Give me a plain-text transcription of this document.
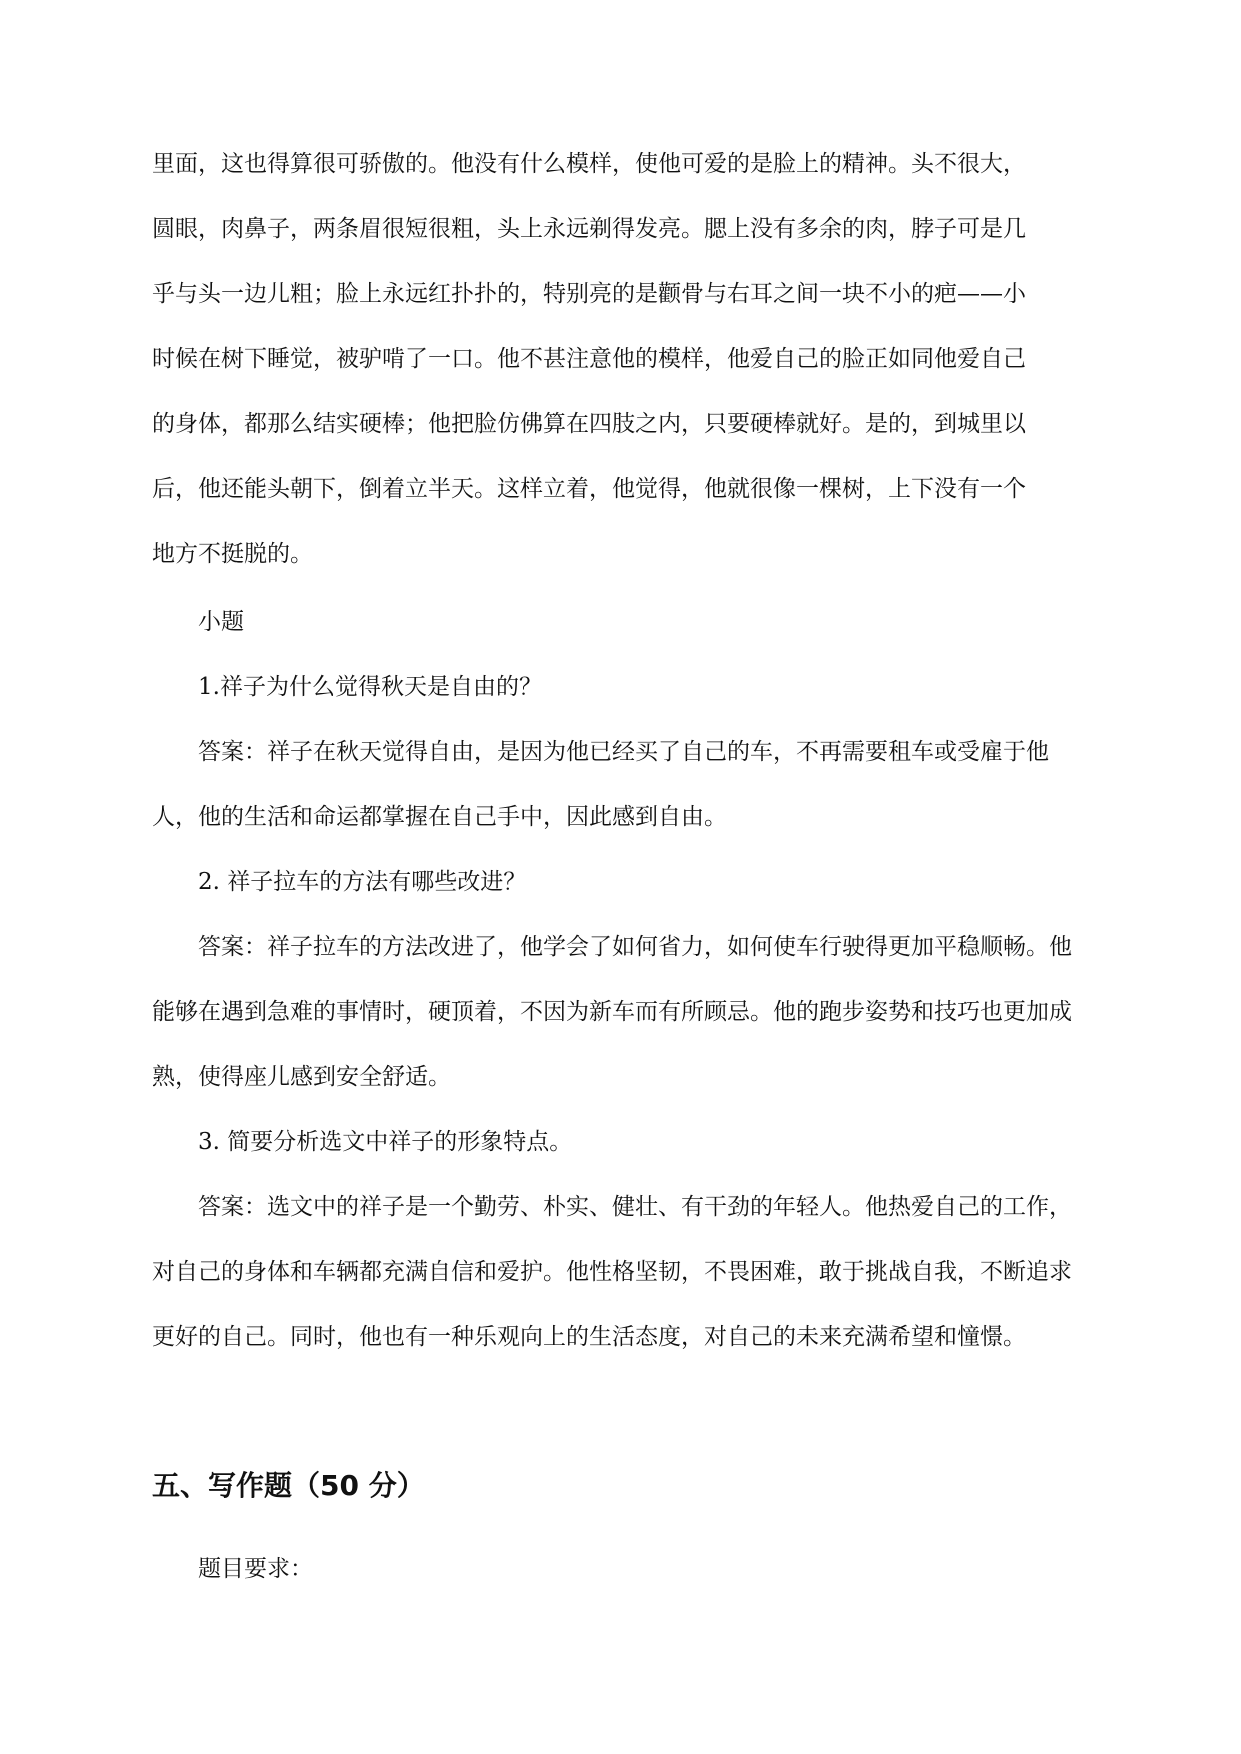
里面，这也得算很可骄傲的。他没有什么模样，使他可爱的是脸上的精神。头不很大，
圆眼，肉鼻子，两条眉很短很粗，头上永远剃得发亮。腮上没有多余的肉，脖子可是几
乎与头一边儿粗；脸上永远红扑扑的，特别亮的是颧骨与右耳之间一块不小的疤——小
时候在树下睡觉，被驴啃了一口。他不甚注意他的模样，他爱自己的脸正如同他爱自己
的身体，都那么结实硬棒；他把脸仿佛算在四肢之内，只要硬棒就好。是的，到城里以
后，他还能头朝下，倒着立半天。这样立着，他觉得，他就很像一棵树，上下没有一个
地方不挺脱的。

小题

1.祥子为什么觉得秋天是自由的？

答案：祥子在秋天觉得自由，是因为他已经买了自己的车，不再需要租车或受雇于他人，他的生活和命运都掌握在自己手中，因此感到自由。

2. 祥子拉车的方法有哪些改进？

答案：祥子拉车的方法改进了，他学会了如何省力，如何使车行驶得更加平稳顺畅。他能够在遇到急难的事情时，硬顶着，不因为新车而有所顾忌。他的跑步姿势和技巧也更加成熟，使得座儿感到安全舒适。

3. 简要分析选文中祥子的形象特点。

答案：选文中的祥子是一个勤劳、朴实、健壮、有干劲的年轻人。他热爱自己的工作，对自己的身体和车辆都充满自信和爱护。他性格坚韧，不畏困难，敢于挑战自我，不断追求更好的自己。同时，他也有一种乐观向上的生活态度，对自己的未来充满希望和憧憬。

五、写作题（50 分）

题目要求：
